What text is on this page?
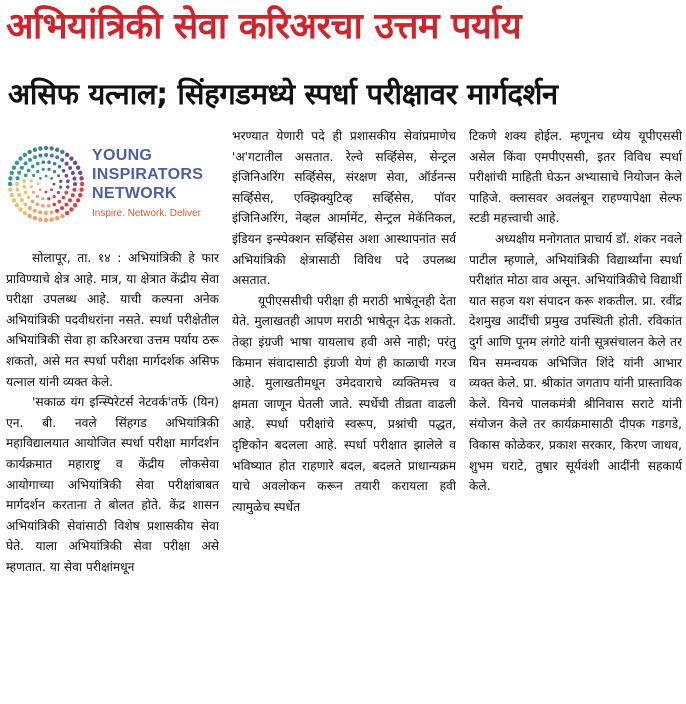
अभियांत्रिकी सेवा करिअरचा उत्तम पर्याय
असिफ यत्नाल; सिंहगडमध्ये स्पर्धा परीक्षावर मार्गदर्शन
YOUNG
INSPIRATORS
NETWORK
Inspire. Network. Deliver

सोलापूर, ता. १४ : अभियांत्रिकी हे फार प्राविण्याचे क्षेत्र आहे. मात्र, या क्षेत्रात केंद्रीय सेवा परीक्षा उपलब्ध आहे. याची कल्पना अनेक अभियांत्रिकी पदवीधरांना नसते. स्पर्धा परीक्षेतील अभियांत्रिकी सेवा हा करिअरचा उत्तम पर्याय ठरू शकतो, असे मत स्पर्धा परीक्षा मार्गदर्शक असिफ यत्नाल यांनी व्यक्त केले.

'सकाळ यंग इन्स्पिरेटर्स नेटवर्क'तर्फे (यिन) एन. बी. नवले सिंहगड अभियांत्रिकी महाविद्यालयात आयोजित स्पर्धा परीक्षा मार्गदर्शन कार्यक्रमात महाराष्ट्र व केंद्रीय लोकसेवा आयोगाच्या अभियांत्रिकी सेवा परीक्षांबाबत मार्गदर्शन करताना ते बोलत होते. केंद्र शासन अभियांत्रिकी सेवांसाठी विशेष प्रशासकीय सेवा घेते. याला अभियांत्रिकी सेवा परीक्षा असे म्हणतात. या सेवा परीक्षांमधून

भरण्यात येणारी पदे ही प्रशासकीय सेवांप्रमाणेच 'अ'गटातील असतात. रेल्वे सर्व्हिसेस, सेन्ट्रल इंजिनिअरिंग सर्व्हिसेस, संरक्षण सेवा, ऑर्डनन्स सर्व्हिसेस, एक्झिक्युटिव्ह सर्व्हिसेस, पॉवर इंजिनिअरिंग, नेव्हल आर्मामेंट, सेन्ट्रल मेकॅनिकल, इंडियन इन्स्पेक्शन सर्व्हिसेस अशा आस्थापनांत सर्व अभियांत्रिकी क्षेत्रासाठी विविध पदे उपलब्ध असतात.

यूपीएससीची परीक्षा ही मराठी भाषेतूनही देता येते. मुलाखतही आपण मराठी भाषेतून देऊ शकतो. तेव्हा इंग्रजी भाषा यायलाच हवी असे नाही; परंतु किमान संवादासाठी इंग्रजी येणं ही काळाची गरज आहे. मुलाखतीमधून उमेदवाराचे व्यक्तिमत्त्व व क्षमता जाणून घेतली जाते. स्पर्धेची तीव्रता वाढली आहे. स्पर्धा परीक्षांचे स्वरूप, प्रश्नांची पद्धत, दृष्टिकोन बदलला आहे. स्पर्धा परीक्षात झालेले व भविष्यात होत राहणारे बदल, बदलते प्राधान्यक्रम याचे अवलोकन करून तयारी करायला हवी त्यामुळेच स्पर्धेत

टिकणे शक्य होईल. म्हणूनच ध्येय यूपीएससी असेल किंवा एमपीएससी, इतर विविध स्पर्धा परीक्षांची माहिती घेऊन अभ्यासाचे नियोजन केले पाहिजे. क्लासवर अवलंबून राहण्यापेक्षा सेल्फ स्टडी महत्त्वाची आहे.

अध्यक्षीय मनोगतात प्राचार्य डॉ. शंकर नवले पाटील म्हणाले, अभियांत्रिकी विद्यार्थ्यांना स्पर्धा परीक्षांत मोठा वाव असून. अभियांत्रिकीचे विद्यार्थी यात सहज यश संपादन करू शकतील. प्रा. रवींद्र देशमुख आदींची प्रमुख उपस्थिती होती. रविकांत दुर्ग आणि पूनम लंगोटे यांनी सूत्रसंचालन केले तर यिन समन्वयक अभिजित शिंदे यांनी आभार व्यक्त केले. प्रा. श्रीकांत जगताप यांनी प्रास्ताविक केले. यिनचे पालकमंत्री श्रीनिवास सराटे यांनी संयोजन केले तर कार्यक्रमासाठी दीपक गडगडे, विकास कोळेकर, प्रकाश सरकार, किरण जाधव, शुभम चराटे, तुषार सूर्यवंशी आदींनी सहकार्य केले.
